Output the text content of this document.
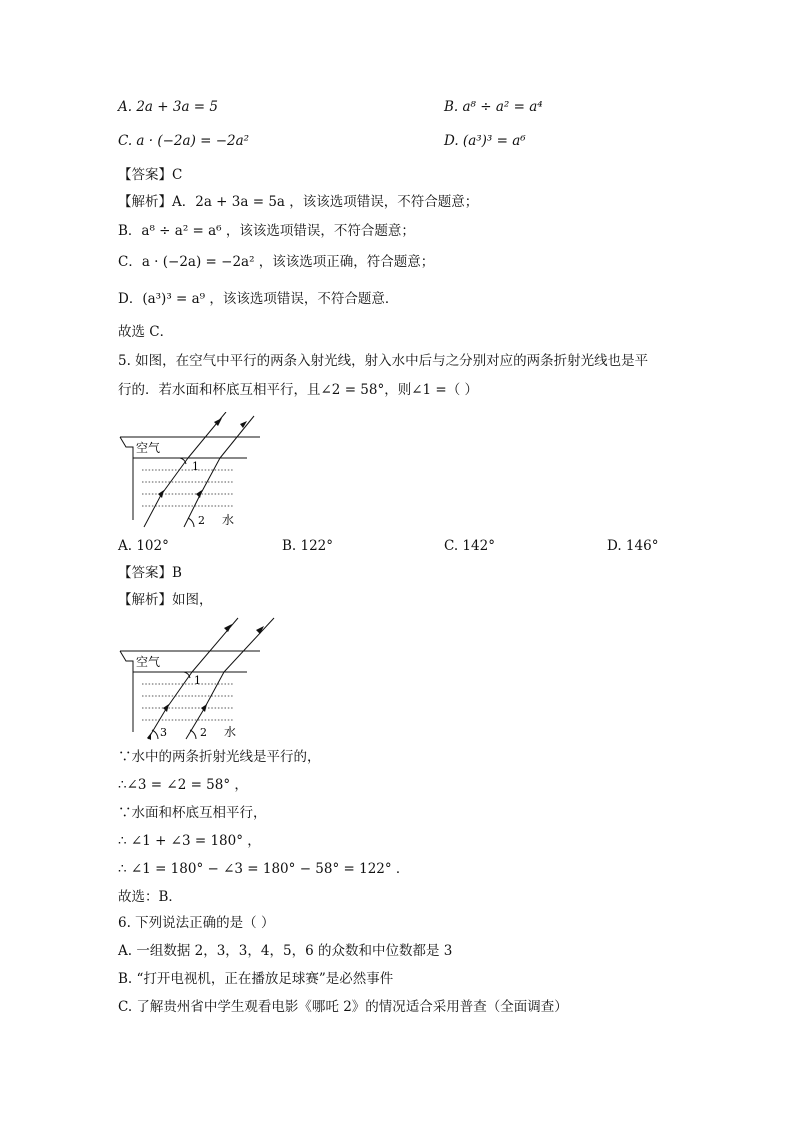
A. 2a + 3a = 5	B. a⁸ ÷ a² = a⁴
C. a · (−2a) = −2a²	D. (a³)³ = a⁶
【答案】C
【解析】A．2a + 3a = 5a ，该该选项错误，不符合题意；
B．a⁸ ÷ a² = a⁶ ，该该选项错误，不符合题意；
C．a · (−2a) = −2a² ，该该选项正确，符合题意；
D．(a³)³ = a⁹ ，该该选项错误，不符合题意．
故选 C．
5. 如图，在空气中平行的两条入射光线，射入水中后与之分别对应的两条折射光线也是平
行的．若水面和杯底互相平行，且∠2 = 58°，则∠1 =（ ）
空气
1
2 水
A. 102°	B. 122°	C. 142°	D. 146°
【答案】B
【解析】如图，
空气
1
2
3	水
∵水中的两条折射光线是平行的，
∴∠3 = ∠2 = 58° ，
∵水面和杯底互相平行，
∴ ∠1 + ∠3 = 180° ，
∴ ∠1 = 180° − ∠3 = 180° − 58° = 122° ．
故选：B．
6. 下列说法正确的是（ ）
A. 一组数据 2，3，3，4，5，6 的众数和中位数都是 3
B. “打开电视机，正在播放足球赛”是必然事件
C. 了解贵州省中学生观看电影《哪吒 2》的情况适合采用普查（全面调查）
